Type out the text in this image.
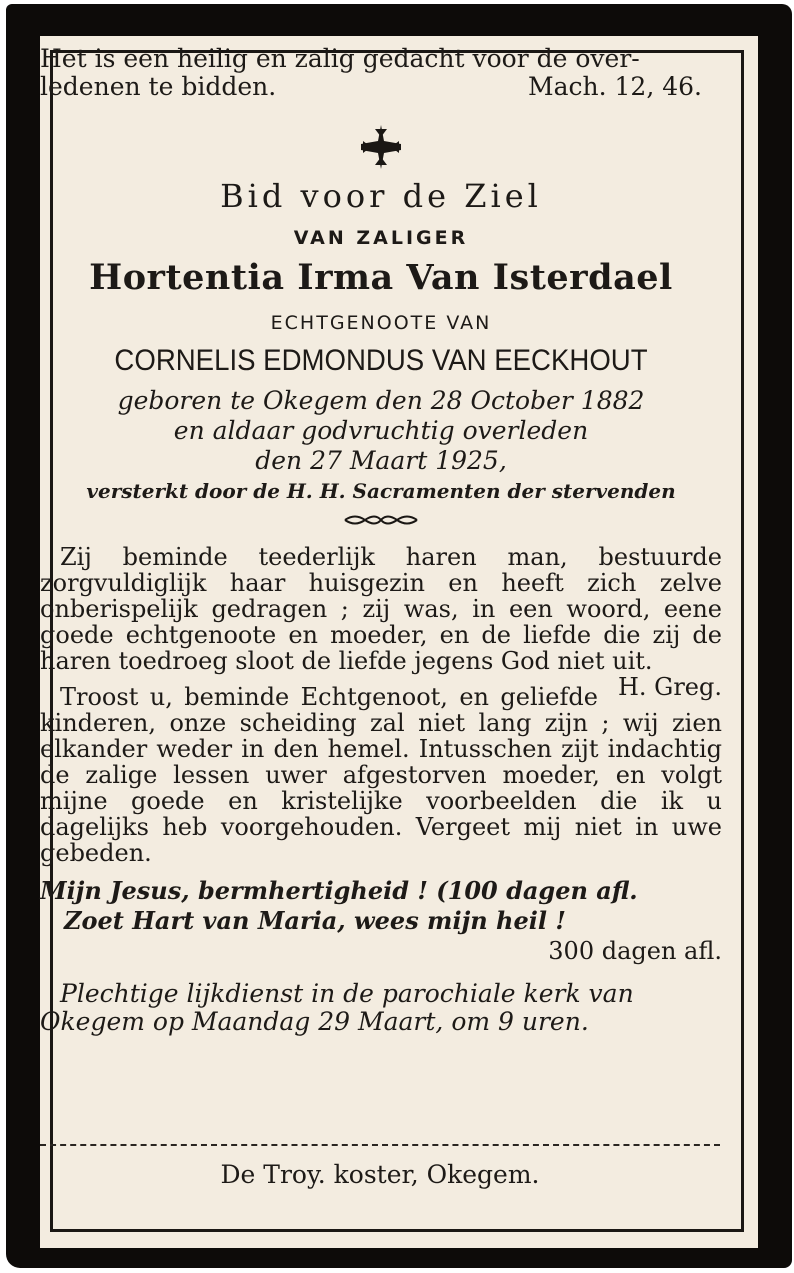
Het is een heilig en zalig gedacht voor de over-
ledenen te bidden.	Mach. 12, 46.
Bid voor de Ziel
VAN ZALIGER
Hortentia Irma Van Isterdael
ECHTGENOOTE VAN
CORNELIS EDMONDUS VAN EECKHOUT
geboren te Okegem den 28 October 1882
en aldaar godvruchtig overleden
den 27 Maart 1925,
versterkt door de H. H. Sacramenten der stervenden

Zij beminde teederlijk haren man, bestuurde zorgvuldiglijk haar huisgezin en heeft zich zelve onberispelijk gedragen ; zij was, in een woord, eene goede echtgenoote en moeder, en de liefde die zij de haren toedroeg sloot de liefde jegens God niet uit.
H. Greg.

Troost u, beminde Echtgenoot, en geliefde kinderen, onze scheiding zal niet lang zijn ; wij zien elkander weder in den hemel. Intusschen zijt indachtig de zalige lessen uwer afgestorven moeder, en volgt mijne goede en kristelijke voorbeelden die ik u dagelijks heb voorgehouden. Vergeet mij niet in uwe gebeden.

Mijn Jesus, bermhertigheid ! (100 dagen afl.
Zoet Hart van Maria, wees mijn heil !
300 dagen afl.
Plechtige lijkdienst in de parochiale kerk van
Okegem op Maandag 29 Maart, om 9 uren.
De Troy. koster, Okegem.
